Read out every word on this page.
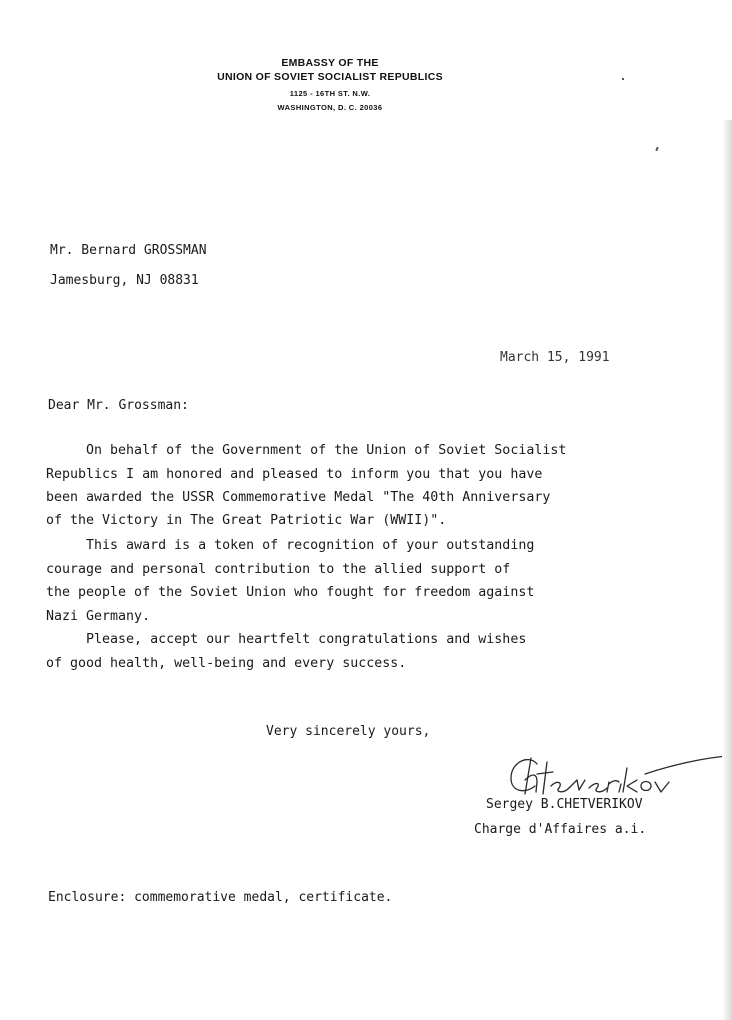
EMBASSY OF THE
UNION OF SOVIET SOCIALIST REPUBLICS
1125 - 16TH ST. N.W.
WASHINGTON, D. C. 20036
Mr. Bernard GROSSMAN
Jamesburg, NJ 08831
March 15, 1991
Dear Mr. Grossman:
On behalf of the Government of the Union of Soviet Socialist
Republics I am honored and pleased to inform you that you have
been awarded the USSR Commemorative Medal "The 40th Anniversary
of the Victory in The Great Patriotic War (WWII)".
This award is a token of recognition of your outstanding
courage and personal contribution to the allied support of
the people of the Soviet Union who fought for freedom against
Nazi Germany.
Please, accept our heartfelt congratulations and wishes
of good health, well-being and every success.
Very sincerely yours,
Sergey B.CHETVERIKOV
Charge d'Affaires a.i.
Enclosure: commemorative medal, certificate.
